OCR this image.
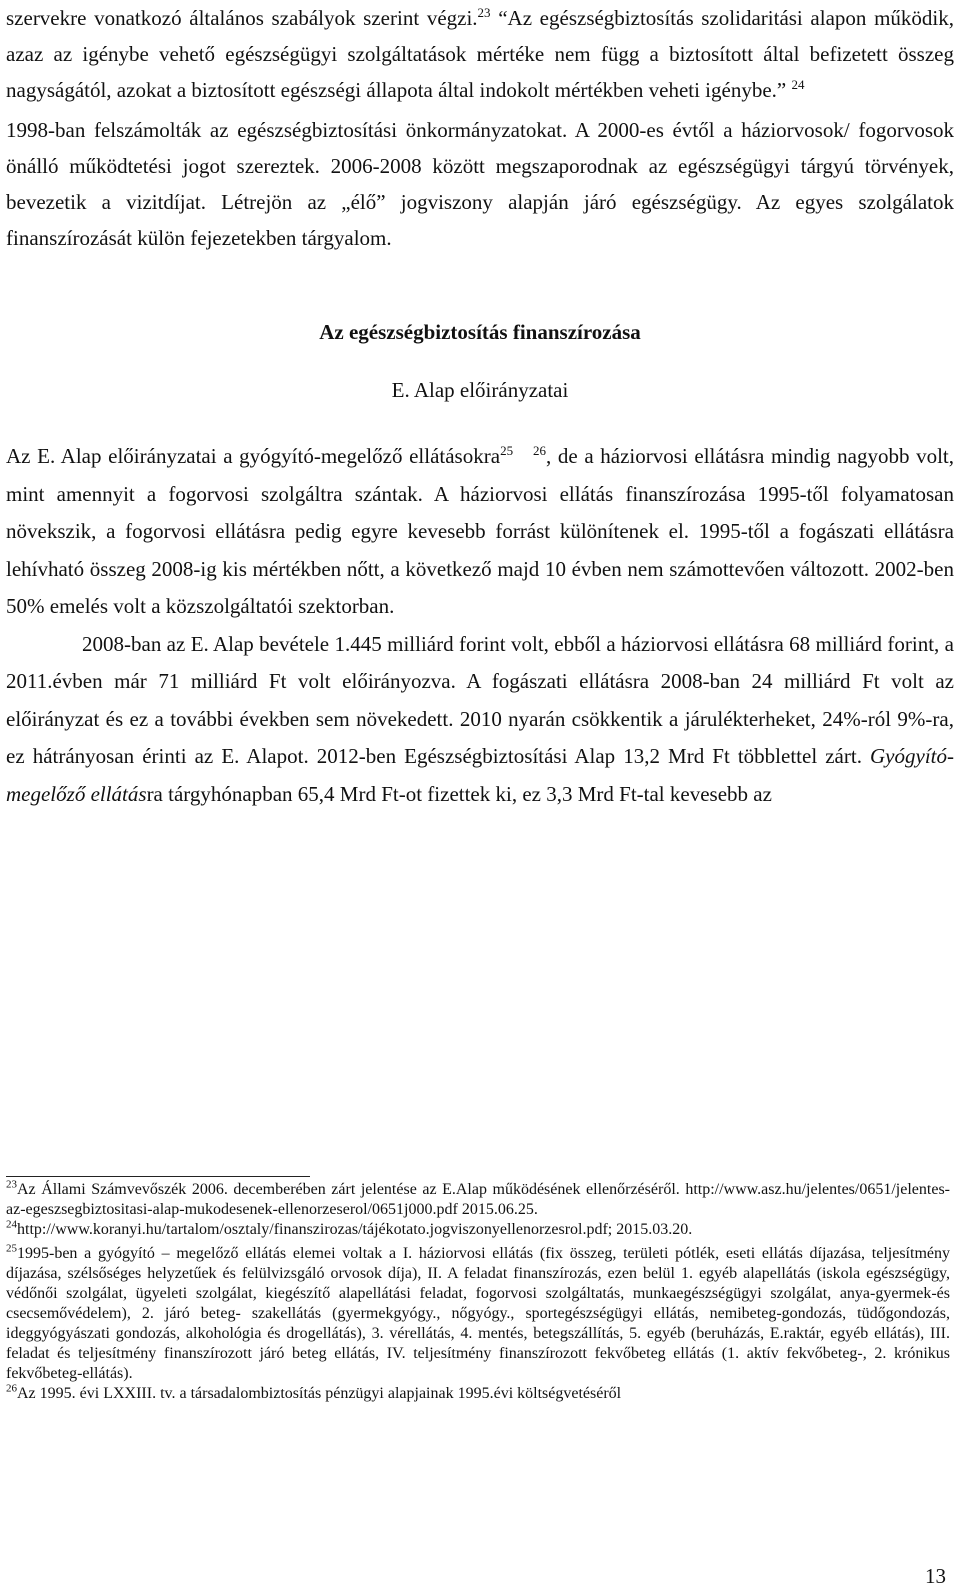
szervekre vonatkozó általános szabályok szerint végzi.$^{23}$ “Az egészségbiztosítás szolidaritási alapon működik, azaz az igénybe vehető egészségügyi szolgáltatások mértéke nem függ a biztosított által befizetett összeg nagyságától, azokat a biztosított egészségi állapota által indokolt mértékben veheti igénybe.” $^{24}$

1998-ban felszámolták az egészségbiztosítási önkormányzatokat. A 2000-es évtől a háziorvosok/ fogorvosok önálló működtetési jogot szereztek. 2006-2008 között megszaporodnak az egészségügyi tárgyú törvények, bevezetik a vizitdíjat. Létrejön az „élő” jogviszony alapján járó egészségügy. Az egyes szolgálatok finanszírozását külön fejezetekben tárgyalom.

Az egészségbiztosítás finanszírozása

E. Alap előirányzatai

Az E. Alap előirányzatai a gyógyító-megelőző ellátásokra$^{25}$ $^{26}$, de a háziorvosi ellátásra mindig nagyobb volt, mint amennyit a fogorvosi szolgáltra szántak. A háziorvosi ellátás finanszírozása 1995-től folyamatosan növekszik, a fogorvosi ellátásra pedig egyre kevesebb forrást különítenek el. 1995-től a fogászati ellátásra lehívható összeg 2008-ig kis mértékben nőtt, a következő majd 10 évben nem számottevően változott. 2002-ben 50% emelés volt a közszolgáltatói szektorban.

2008-ban az E. Alap bevétele 1.445 milliárd forint volt, ebből a háziorvosi ellátásra 68 milliárd forint, a 2011.évben már 71 milliárd Ft volt előirányozva. A fogászati ellátásra 2008-ban 24 milliárd Ft volt az előirányzat és ez a további években sem növekedett. 2010 nyarán csökkentik a járulékterheket, 24%-ról 9%-ra, ez hátrányosan érinti az E. Alapot. 2012-ben Egészségbiztosítási Alap 13,2 Mrd Ft többlettel zárt. Gyógyító-megelőző ellátásra tárgyhónapban 65,4 Mrd Ft-ot fizettek ki, ez 3,3 Mrd Ft-tal kevesebb az

$^{23}$Az Állami Számvevőszék 2006. decemberében zárt jelentése az E.Alap működésének ellenőrzéséről. http://www.asz.hu/jelentes/0651/jelentes-az-egeszsegbiztositasi-alap-mukodesenek-ellenorzeserol/0651j000.pdf 2015.06.25.

$^{24}$http://www.koranyi.hu/tartalom/osztaly/finanszirozas/tájékotato.jogviszonyellenorzesrol.pdf; 2015.03.20.

$^{25}$1995-ben a gyógyító – megelőző ellátás elemei voltak a I. háziorvosi ellátás (fix összeg, területi pótlék, eseti ellátás díjazása, teljesítmény díjazása, szélsőséges helyzetűek és felülvizsgáló orvosok díja), II. A feladat finanszírozás, ezen belül 1. egyéb alapellátás (iskola egészségügy, védőnői szolgálat, ügyeleti szolgálat, kiegészítő alapellátási feladat, fogorvosi szolgáltatás, munkaegészségügyi szolgálat, anya-gyermek-és csecsemővédelem), 2. járó beteg- szakellátás (gyermekgyógy., nőgyógy., sportegészségügyi ellátás, nemibeteg-gondozás, tüdőgondozás, ideggyógyászati gondozás, alkohológia és drogellátás), 3. vérellátás, 4. mentés, betegszállítás, 5. egyéb (beruházás, E.raktár, egyéb ellátás), III. feladat és teljesítmény finanszírozott járó beteg ellátás, IV. teljesítmény finanszírozott fekvőbeteg ellátás (1. aktív fekvőbeteg-, 2. krónikus fekvőbeteg-ellátás).

$^{26}$Az 1995. évi LXXIII. tv. a társadalombiztosítás pénzügyi alapjainak 1995.évi költségvetéséről

13
